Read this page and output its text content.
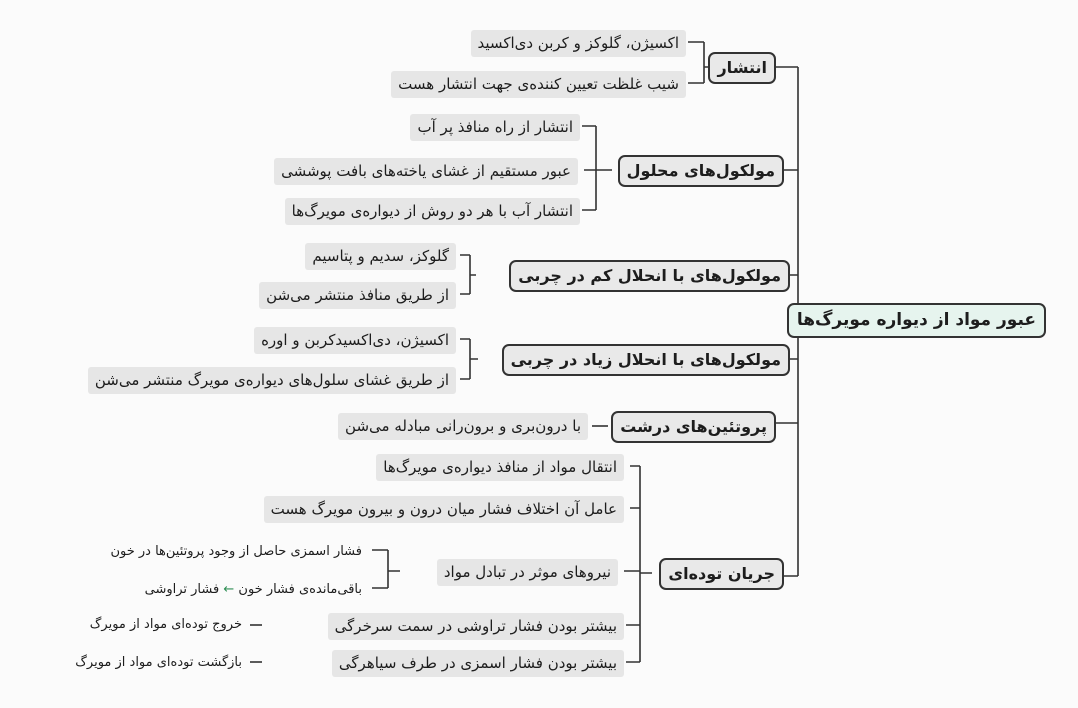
عبور مواد از دیواره مویرگ‌ها
انتشار
مولکول‌های محلول
مولکول‌های با انحلال کم در چربی
مولکول‌های با انحلال زیاد در چربی
پروتئین‌های درشت
جریان توده‌ای
اکسیژن، گلوکز و کربن دی‌اکسید
شیب غلظت تعیین کننده‌ی جهت انتشار هست
انتشار از راه منافذ پر آب
عبور مستقیم از غشای یاخته‌های بافت پوششی
انتشار آب با هر دو روش از دیواره‌ی مویرگ‌ها
گلوکز، سدیم و پتاسیم
از طریق منافذ منتشر می‌شن
اکسیژن، دی‌اکسیدکربن و اوره
از طریق غشای سلول‌های دیواره‌ی مویرگ منتشر می‌شن
با درون‌بری و برون‌رانی مبادله می‌شن
انتقال مواد از منافذ دیواره‌ی مویرگ‌ها
عامل آن اختلاف فشار میان درون و بیرون مویرگ هست
نیروهای موثر در تبادل مواد
فشار اسمزی حاصل از وجود پروتئین‌ها در خون
باقی‌مانده‌ی فشار خون ← فشار تراوشی
بیشتر بودن فشار تراوشی در سمت سرخرگی
خروج توده‌ای مواد از مویرگ
بیشتر بودن فشار اسمزی در طرف سیاهرگی
بازگشت توده‌ای مواد از مویرگ
